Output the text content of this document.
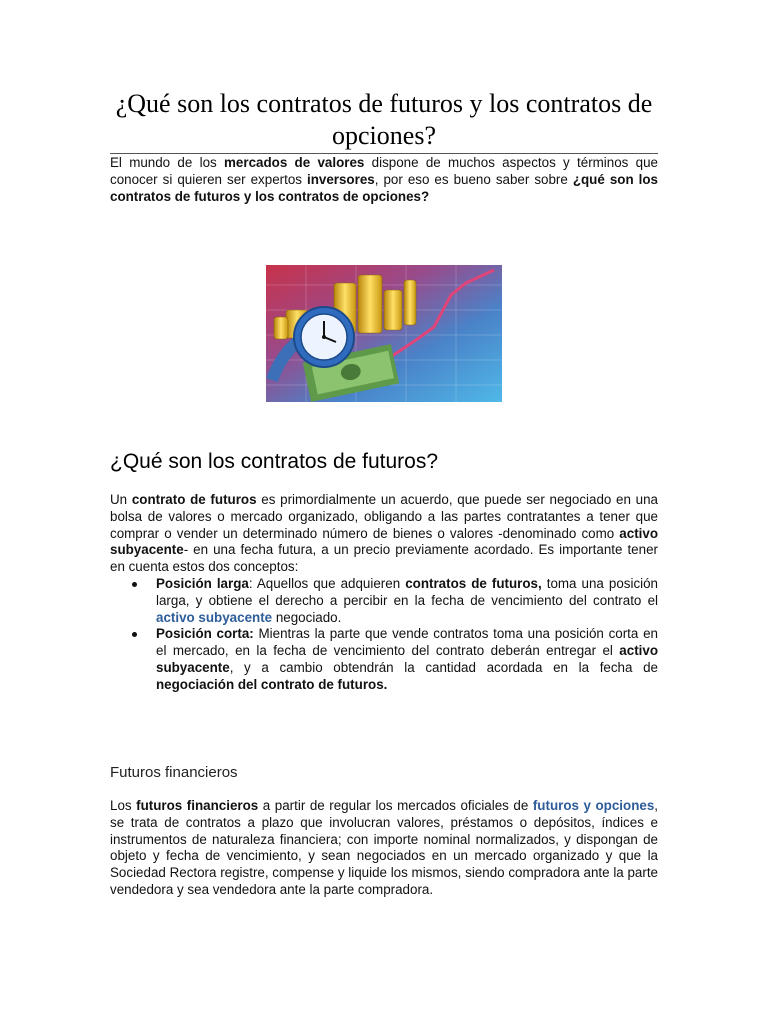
¿Qué son los contratos de futuros y los contratos de opciones?

El mundo de los mercados de valores dispone de muchos aspectos y términos que conocer si quieren ser expertos inversores, por eso es bueno saber sobre ¿qué son los contratos de futuros y los contratos de opciones?

¿Qué son los contratos de futuros?

Un contrato de futuros es primordialmente un acuerdo, que puede ser negociado en una bolsa de valores o mercado organizado, obligando a las partes contratantes a tener que comprar o vender un determinado número de bienes o valores -denominado como activo subyacente- en una fecha futura, a un precio previamente acordado. Es importante tener en cuenta estos dos conceptos:

Posición larga: Aquellos que adquieren contratos de futuros, toma una posición larga, y obtiene el derecho a percibir en la fecha de vencimiento del contrato el activo subyacente negociado.
Posición corta: Mientras la parte que vende contratos toma una posición corta en el mercado, en la fecha de vencimiento del contrato deberán entregar el activo subyacente, y a cambio obtendrán la cantidad acordada en la fecha de negociación del contrato de futuros.
Futuros financieros

Los futuros financieros a partir de regular los mercados oficiales de futuros y opciones, se trata de contratos a plazo que involucran valores, préstamos o depósitos, índices e instrumentos de naturaleza financiera; con importe nominal normalizados, y dispongan de objeto y fecha de vencimiento, y sean negociados en un mercado organizado y que la Sociedad Rectora registre, compense y liquide los mismos, siendo compradora ante la parte vendedora y sea vendedora ante la parte compradora.
